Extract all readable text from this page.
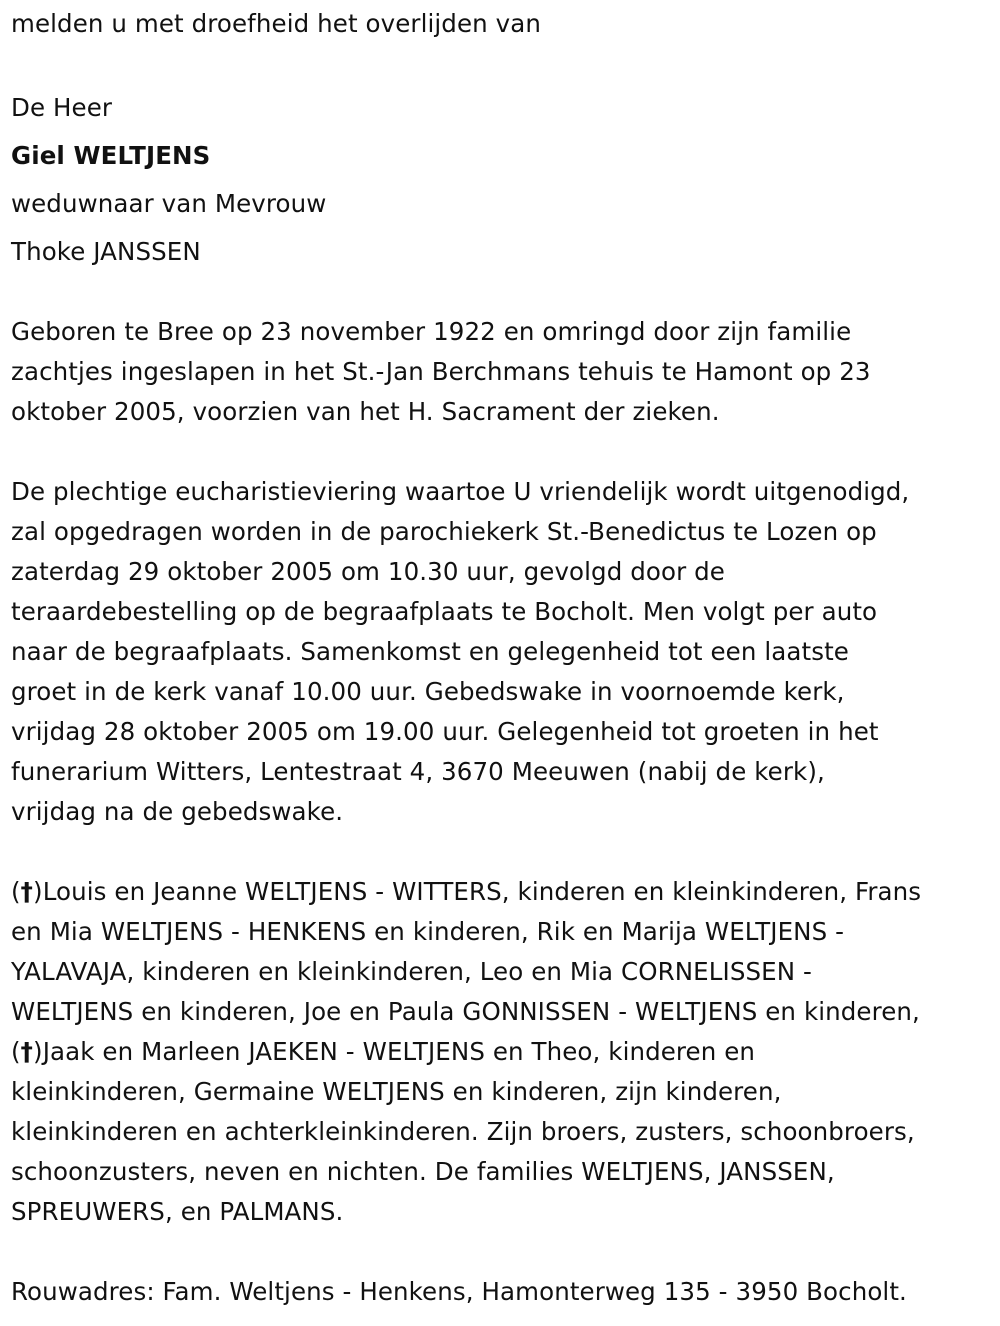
melden u met droefheid het overlijden van
De Heer
Giel WELTJENS
weduwnaar van Mevrouw
Thoke JANSSEN
Geboren te Bree op 23 november 1922 en omringd door zijn familie
zachtjes ingeslapen in het St.-Jan Berchmans tehuis te Hamont op 23
oktober 2005, voorzien van het H. Sacrament der zieken.
De plechtige eucharistieviering waartoe U vriendelijk wordt uitgenodigd,
zal opgedragen worden in de parochiekerk St.-Benedictus te Lozen op
zaterdag 29 oktober 2005 om 10.30 uur, gevolgd door de
teraardebestelling op de begraafplaats te Bocholt. Men volgt per auto
naar de begraafplaats. Samenkomst en gelegenheid tot een laatste
groet in de kerk vanaf 10.00 uur. Gebedswake in voornoemde kerk,
vrijdag 28 oktober 2005 om 19.00 uur. Gelegenheid tot groeten in het
funerarium Witters, Lentestraat 4, 3670 Meeuwen (nabij de kerk),
vrijdag na de gebedswake.
(†)Louis en Jeanne WELTJENS - WITTERS, kinderen en kleinkinderen, Frans
en Mia WELTJENS - HENKENS en kinderen, Rik en Marija WELTJENS -
YALAVAJA, kinderen en kleinkinderen, Leo en Mia CORNELISSEN -
WELTJENS en kinderen, Joe en Paula GONNISSEN - WELTJENS en kinderen,
(†)Jaak en Marleen JAEKEN - WELTJENS en Theo, kinderen en
kleinkinderen, Germaine WELTJENS en kinderen, zijn kinderen,
kleinkinderen en achterkleinkinderen. Zijn broers, zusters, schoonbroers,
schoonzusters, neven en nichten. De families WELTJENS, JANSSEN,
SPREUWERS, en PALMANS.
Rouwadres: Fam. Weltjens - Henkens, Hamonterweg 135 - 3950 Bocholt.
